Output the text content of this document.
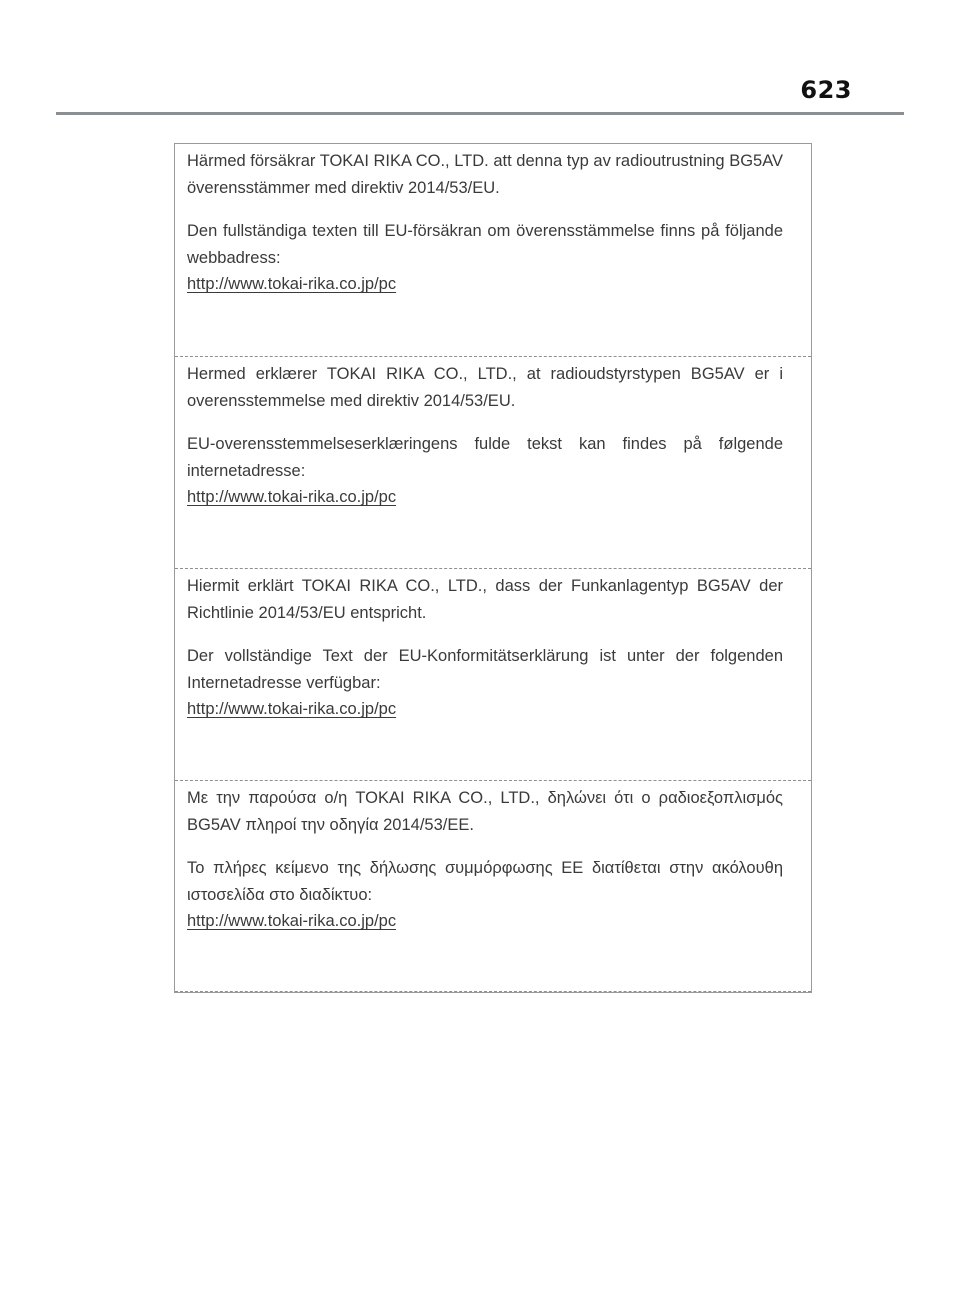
623

Härmed försäkrar TOKAI RIKA CO., LTD. att denna typ av radioutrustning BG5AV överensstämmer med direktiv 2014/53/EU.

Den fullständiga texten till EU-försäkran om överensstämmelse finns på följande webbadress:

http://www.tokai-rika.co.jp/pc

Hermed erklærer TOKAI RIKA CO., LTD., at radioudstyrstypen BG5AV er i overensstemmelse med direktiv 2014/53/EU.

EU-overensstemmelseserklæringens fulde tekst kan findes på følgende internetadresse:

http://www.tokai-rika.co.jp/pc

Hiermit erklärt TOKAI RIKA CO., LTD., dass der Funkanlagentyp BG5AV der Richtlinie 2014/53/EU entspricht.

Der vollständige Text der EU-Konformitätserklärung ist unter der folgenden Internetadresse verfügbar:

http://www.tokai-rika.co.jp/pc

Με την παρούσα ο/η TOKAI RIKA CO., LTD., δηλώνει ότι ο ραδιοεξοπλισμός BG5AV πληροί την οδηγία 2014/53/ΕΕ.

Το πλήρες κείμενο της δήλωσης συμμόρφωσης ΕΕ διατίθεται στην ακόλουθη ιστοσελίδα στο διαδίκτυο:

http://www.tokai-rika.co.jp/pc
